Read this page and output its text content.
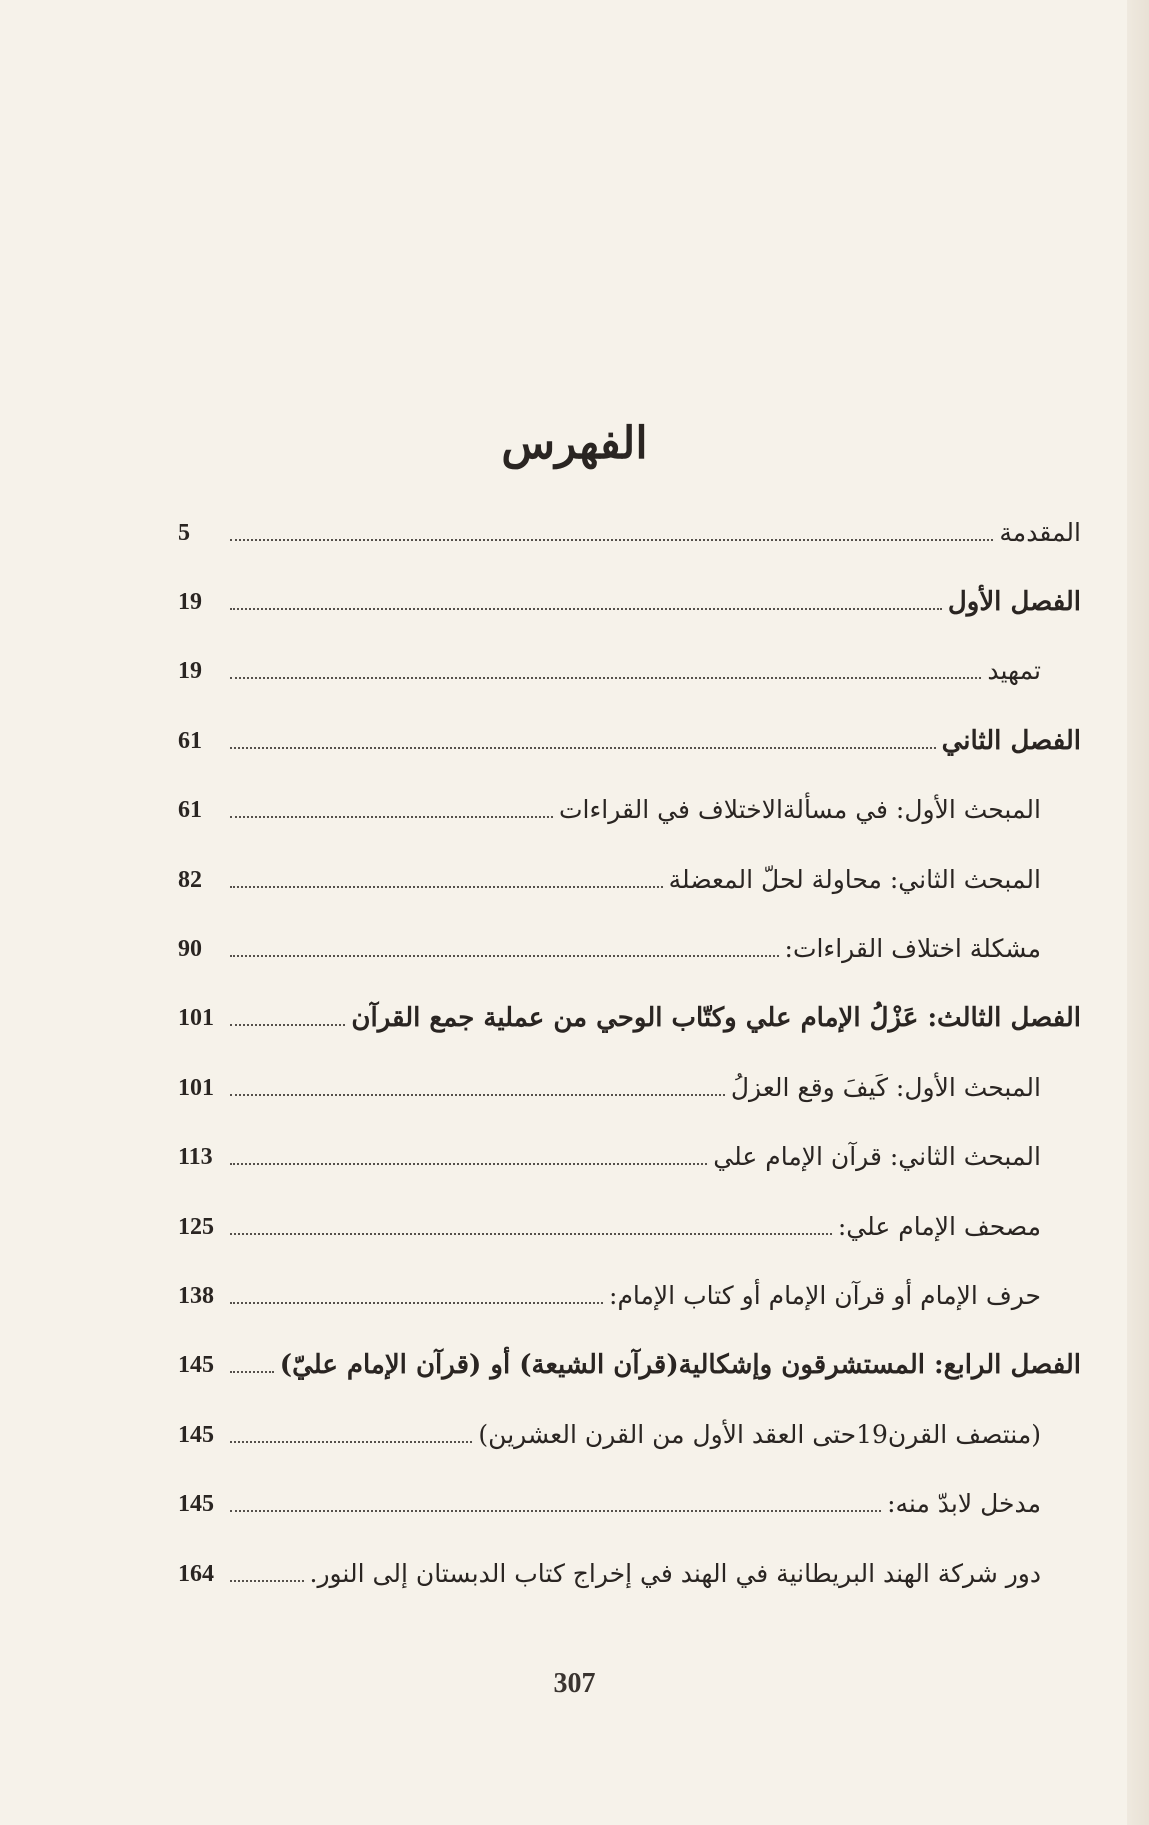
الفهرس
المقدمة
5
الفصل الأول
19
تمهيد
19
الفصل الثاني
61
المبحث الأول: في مسألةالاختلاف في القراءات
61
المبحث الثاني: محاولة لحلّ المعضلة
82
مشكلة اختلاف القراءات:
90
الفصل الثالث: عَزْلُ الإمام علي وكتّاب الوحي من عملية جمع القرآن
101
المبحث الأول: كَيفَ وقع العزلُ
101
المبحث الثاني: قرآن الإمام علي
113
مصحف الإمام علي:
125
حرف الإمام أو قرآن الإمام أو كتاب الإمام:
138
الفصل الرابع: المستشرقون وإشكالية(قرآن الشيعة) أو (قرآن الإمام عليّ)
145
(منتصف القرن19حتى العقد الأول من القرن العشرين)
145
مدخل لابدّ منه:
145
دور شركة الهند البريطانية في الهند في إخراج كتاب الدبستان إلى النور.
164
307
